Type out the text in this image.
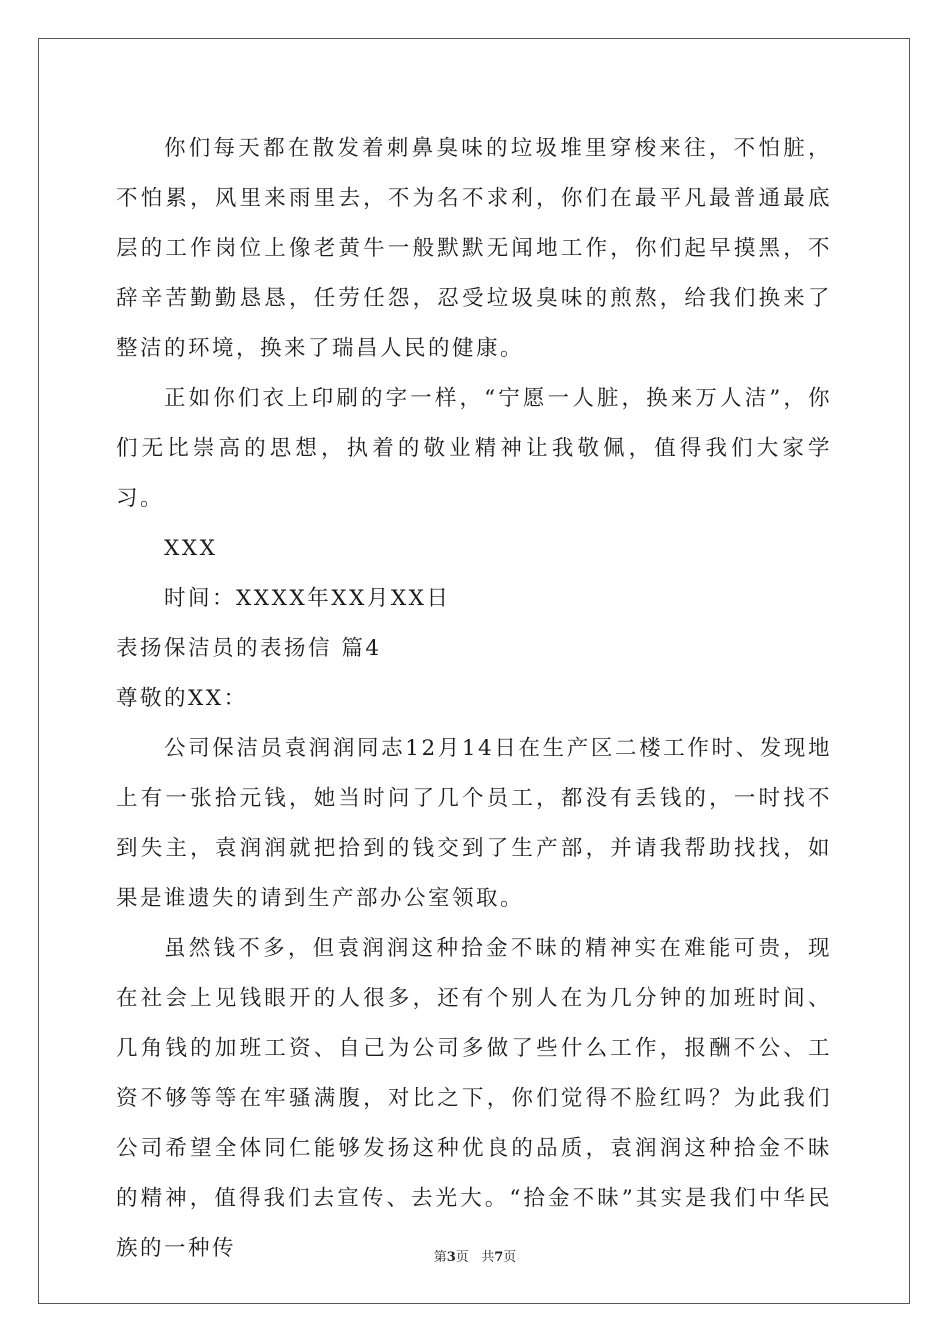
你们每天都在散发着刺鼻臭味的垃圾堆里穿梭来往，不怕脏，不怕累，风里来雨里去，不为名不求利，你们在最平凡最普通最底层的工作岗位上像老黄牛一般默默无闻地工作，你们起早摸黑，不辞辛苦勤勤恳恳，任劳任怨，忍受垃圾臭味的煎熬，给我们换来了整洁的环境，换来了瑞昌人民的健康。

正如你们衣上印刷的字一样，“宁愿一人脏，换来万人洁”，你们无比崇高的思想，执着的敬业精神让我敬佩，值得我们大家学习。

XXX

时间：XXXX年XX月XX日

表扬保洁员的表扬信 篇4

尊敬的XX：

公司保洁员袁润润同志12月14日在生产区二楼工作时、发现地上有一张拾元钱，她当时问了几个员工，都没有丢钱的，一时找不到失主，袁润润就把拾到的钱交到了生产部，并请我帮助找找，如果是谁遗失的请到生产部办公室领取。

虽然钱不多，但袁润润这种拾金不昧的精神实在难能可贵，现在社会上见钱眼开的人很多，还有个别人在为几分钟的加班时间、几角钱的加班工资、自己为公司多做了些什么工作，报酬不公、工资不够等等在牢骚满腹，对比之下，你们觉得不脸红吗？为此我们公司希望全体同仁能够发扬这种优良的品质，袁润润这种拾金不昧的精神，值得我们去宣传、去光大。“拾金不昧”其实是我们中华民族的一种传	第3页   共7页
